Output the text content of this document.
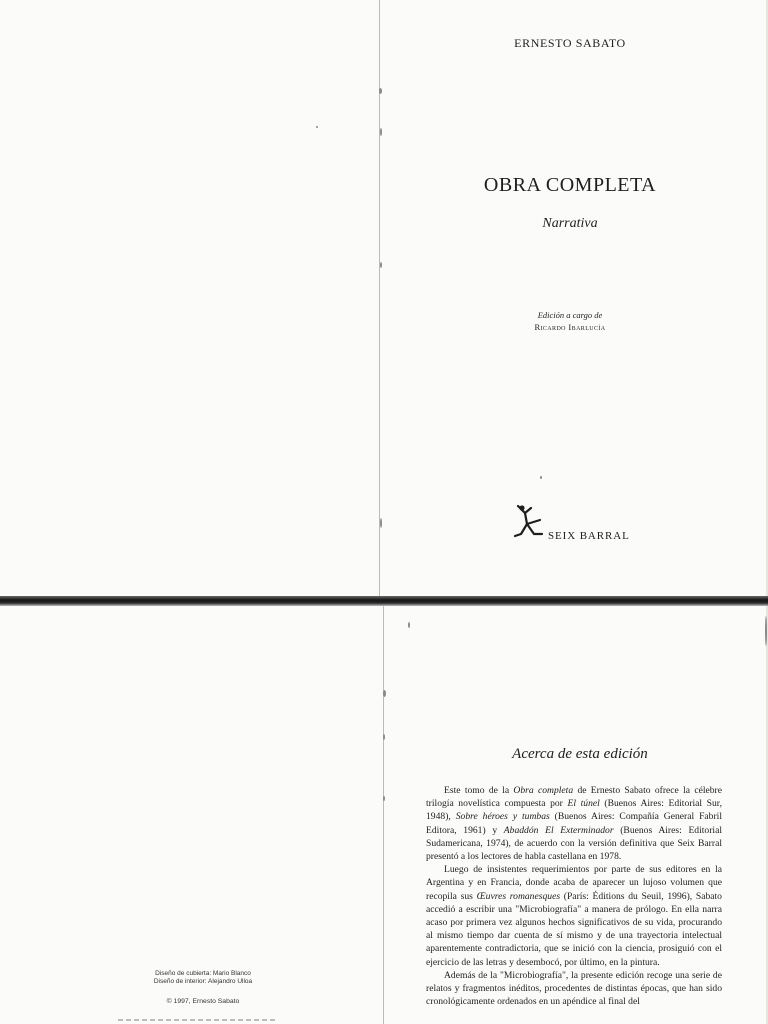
ERNESTO SABATO
OBRA COMPLETA
Narrativa
Edición a cargo de
Ricardo Ibarlucía
SEIX BARRAL
Diseño de cubierta: Mario Blanco
Diseño de interior: Alejandro Ulloa
© 1997, Ernesto Sabato
Acerca de esta edición

Este tomo de la Obra completa de Ernesto Sabato ofrece la célebre trilogía novelística compuesta por El túnel (Buenos Aires: Editorial Sur, 1948), Sobre héroes y tumbas (Buenos Aires: Compañía General Fabril Editora, 1961) y Abaddón El Exterminador (Buenos Aires: Editorial Sudamericana, 1974), de acuerdo con la versión definitiva que Seix Barral presentó a los lectores de habla castellana en 1978.

Luego de insistentes requerimientos por parte de sus editores en la Argentina y en Francia, donde acaba de aparecer un lujoso volumen que recopila sus Œuvres romanesques (París: Éditions du Seuil, 1996), Sabato accedió a escribir una "Microbiografía" a manera de prólogo. En ella narra acaso por primera vez algunos hechos significativos de su vida, procurando al mismo tiempo dar cuenta de sí mismo y de una trayectoria intelectual aparentemente contradictoria, que se inició con la ciencia, prosiguió con el ejercicio de las letras y desembocó, por último, en la pintura.

Además de la "Microbiografía", la presente edición recoge una serie de relatos y fragmentos inéditos, procedentes de distintas épocas, que han sido cronológicamente ordenados en un apéndice al final del
